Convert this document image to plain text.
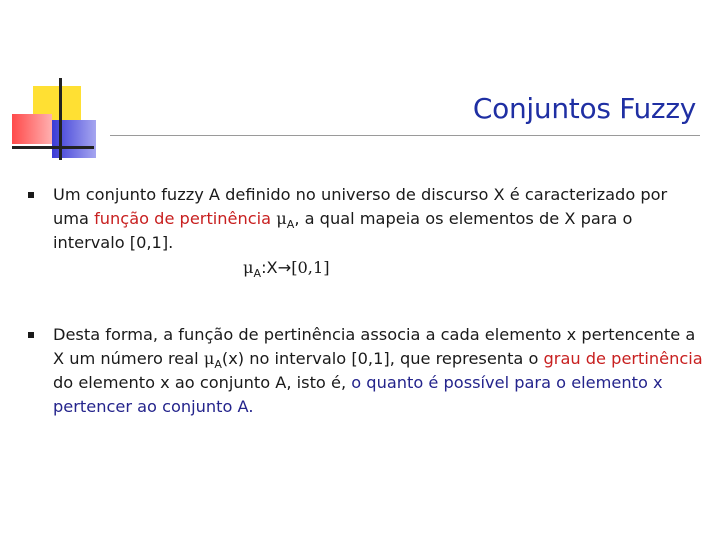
Conjuntos Fuzzy
Um conjunto fuzzy A definido no universo de discurso X é caracterizado por uma função de pertinência $\mu_A$, a qual mapeia os elementos de X para o intervalo [0,1].
$\mu_A:X\to[0,1]$
Desta forma, a função de pertinência associa a cada elemento x pertencente a X um número real $\mu_A(x)$ no intervalo [0,1], que representa o grau de pertinência do elemento x ao conjunto A, isto é, o quanto é possível para o elemento x pertencer ao conjunto A.
